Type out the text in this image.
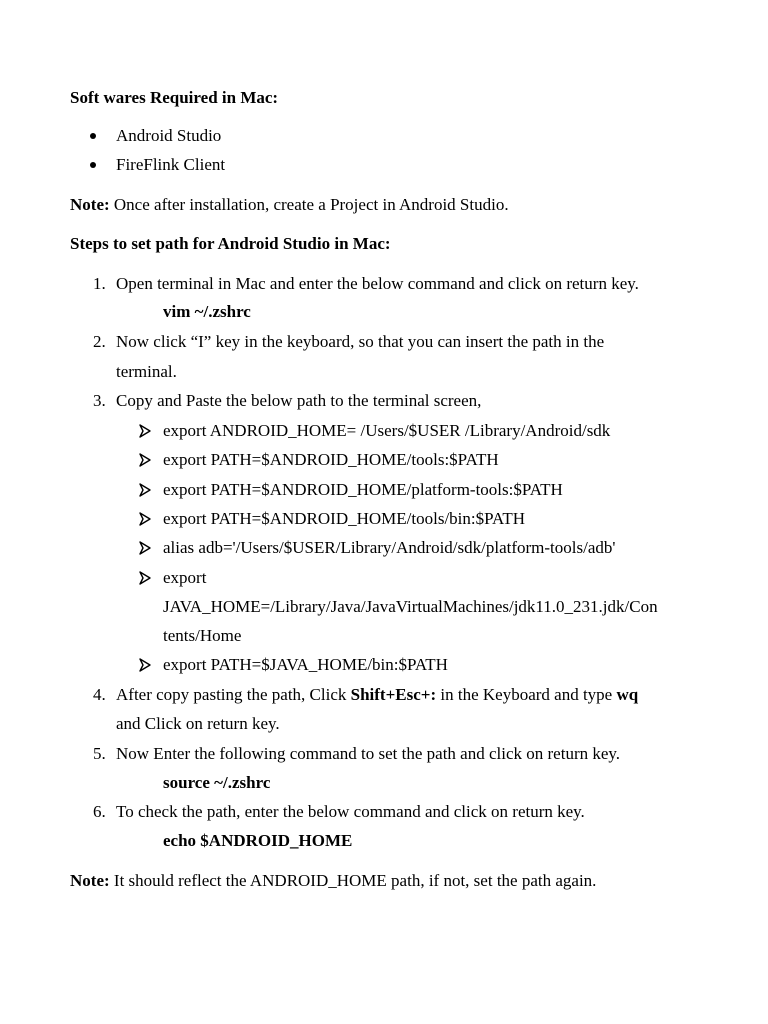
Soft wares Required in Mac:
Android Studio
FireFlink Client
Note: Once after installation, create a Project in Android Studio.
Steps to set path for Android Studio in Mac:
1. Open terminal in Mac and enter the below command and click on return key.
vim ~/.zshrc
2. Now click “I” key in the keyboard, so that you can insert the path in the
terminal.
3. Copy and Paste the below path to the terminal screen,
export ANDROID_HOME= /Users/$USER /Library/Android/sdk
export PATH=$ANDROID_HOME/tools:$PATH
export PATH=$ANDROID_HOME/platform-tools:$PATH
export PATH=$ANDROID_HOME/tools/bin:$PATH
alias adb='/Users/$USER/Library/Android/sdk/platform-tools/adb'
export
JAVA_HOME=/Library/Java/JavaVirtualMachines/jdk11.0_231.jdk/Con
tents/Home
export PATH=$JAVA_HOME/bin:$PATH
4. After copy pasting the path, Click Shift+Esc+: in the Keyboard and type wq
and Click on return key.
5. Now Enter the following command to set the path and click on return key.
source ~/.zshrc
6. To check the path, enter the below command and click on return key.
echo $ANDROID_HOME
Note: It should reflect the ANDROID_HOME path, if not, set the path again.
